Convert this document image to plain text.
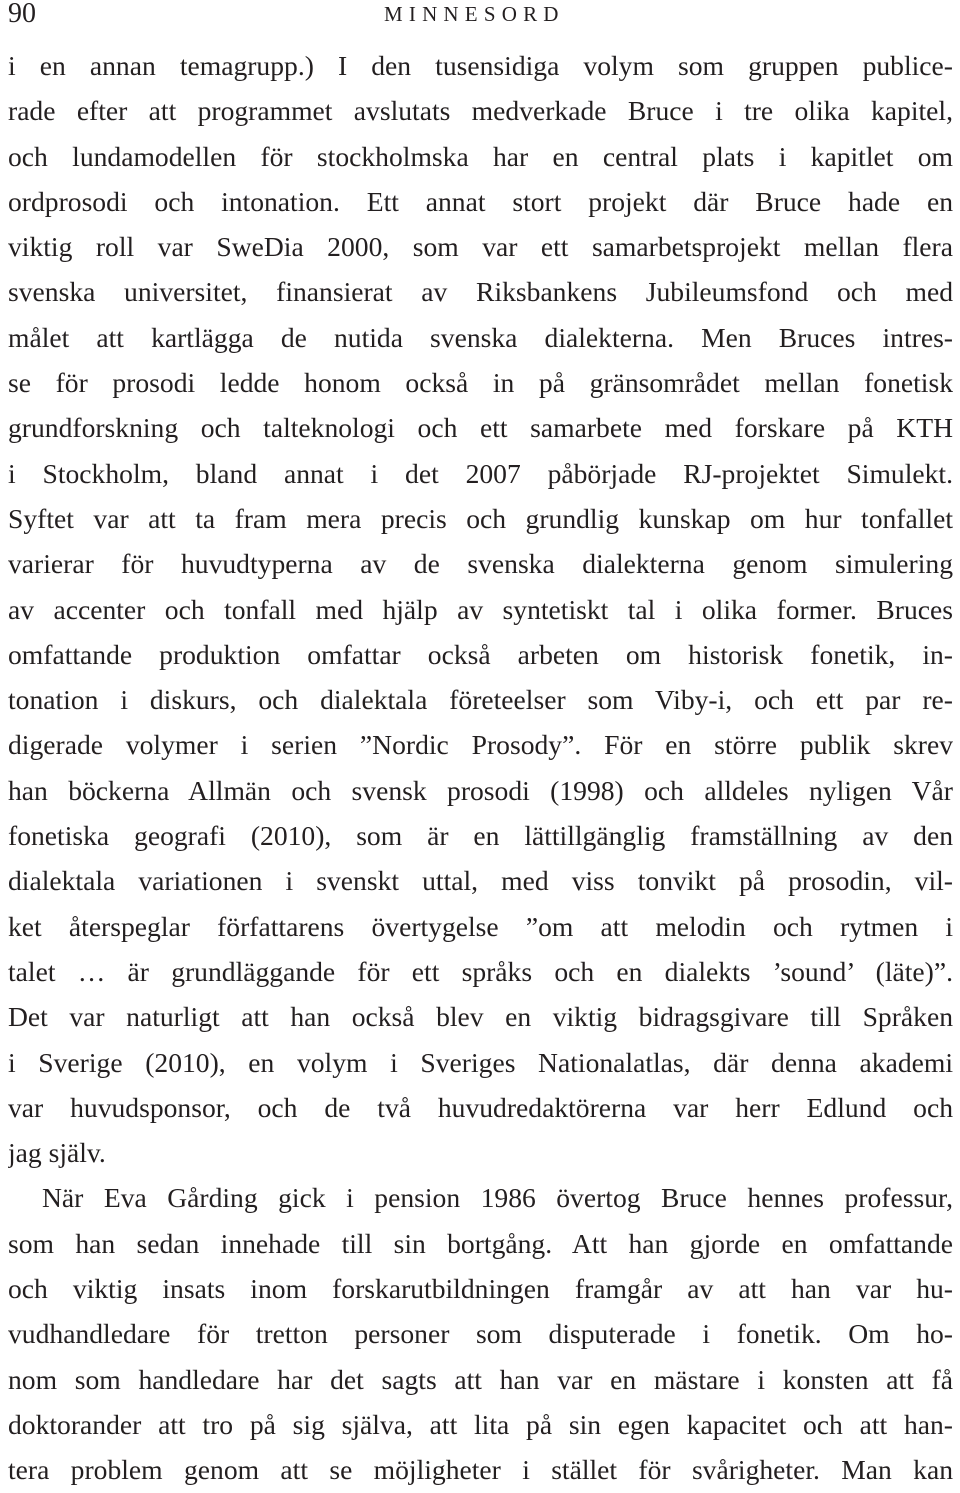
90	MINNESORD
i en annan temagrupp.) I den tusensidiga volym som gruppen publice-
rade efter att programmet avslutats medverkade Bruce i tre olika kapitel,
och lundamodellen för stockholmska har en central plats i kapitlet om
ordprosodi och intonation. Ett annat stort projekt där Bruce hade en
viktig roll var SweDia 2000, som var ett samarbetsprojekt mellan flera
svenska universitet, finansierat av Riksbankens Jubileumsfond och med
målet att kartlägga de nutida svenska dialekterna. Men Bruces intres-
se för prosodi ledde honom också in på gränsområdet mellan fonetisk
grundforskning och talteknologi och ett samarbete med forskare på KTH
i Stockholm, bland annat i det 2007 påbörjade RJ-projektet Simulekt.
Syftet var att ta fram mera precis och grundlig kunskap om hur tonfallet
varierar för huvudtyperna av de svenska dialekterna genom simulering
av accenter och tonfall med hjälp av syntetiskt tal i olika former. Bruces
omfattande produktion omfattar också arbeten om historisk fonetik, in-
tonation i diskurs, och dialektala företeelser som Viby-i, och ett par re-
digerade volymer i serien ”Nordic Prosody”. För en större publik skrev
han böckerna Allmän och svensk prosodi (1998) och alldeles nyligen Vår
fonetiska geografi (2010), som är en lättillgänglig framställning av den
dialektala variationen i svenskt uttal, med viss tonvikt på prosodin, vil-
ket återspeglar författarens övertygelse ”om att melodin och rytmen i
talet … är grundläggande för ett språks och en dialekts ’sound’ (läte)”.
Det var naturligt att han också blev en viktig bidragsgivare till Språken
i Sverige (2010), en volym i Sveriges Nationalatlas, där denna akademi
var huvudsponsor, och de två huvudredaktörerna var herr Edlund och
jag själv.
När Eva Gårding gick i pension 1986 övertog Bruce hennes professur,
som han sedan innehade till sin bortgång. Att han gjorde en omfattande
och viktig insats inom forskarutbildningen framgår av att han var hu-
vudhandledare för tretton personer som disputerade i fonetik. Om ho-
nom som handledare har det sagts att han var en mästare i konsten att få
doktorander att tro på sig själva, att lita på sin egen kapacitet och att han-
tera problem genom att se möjligheter i stället för svårigheter. Man kan
